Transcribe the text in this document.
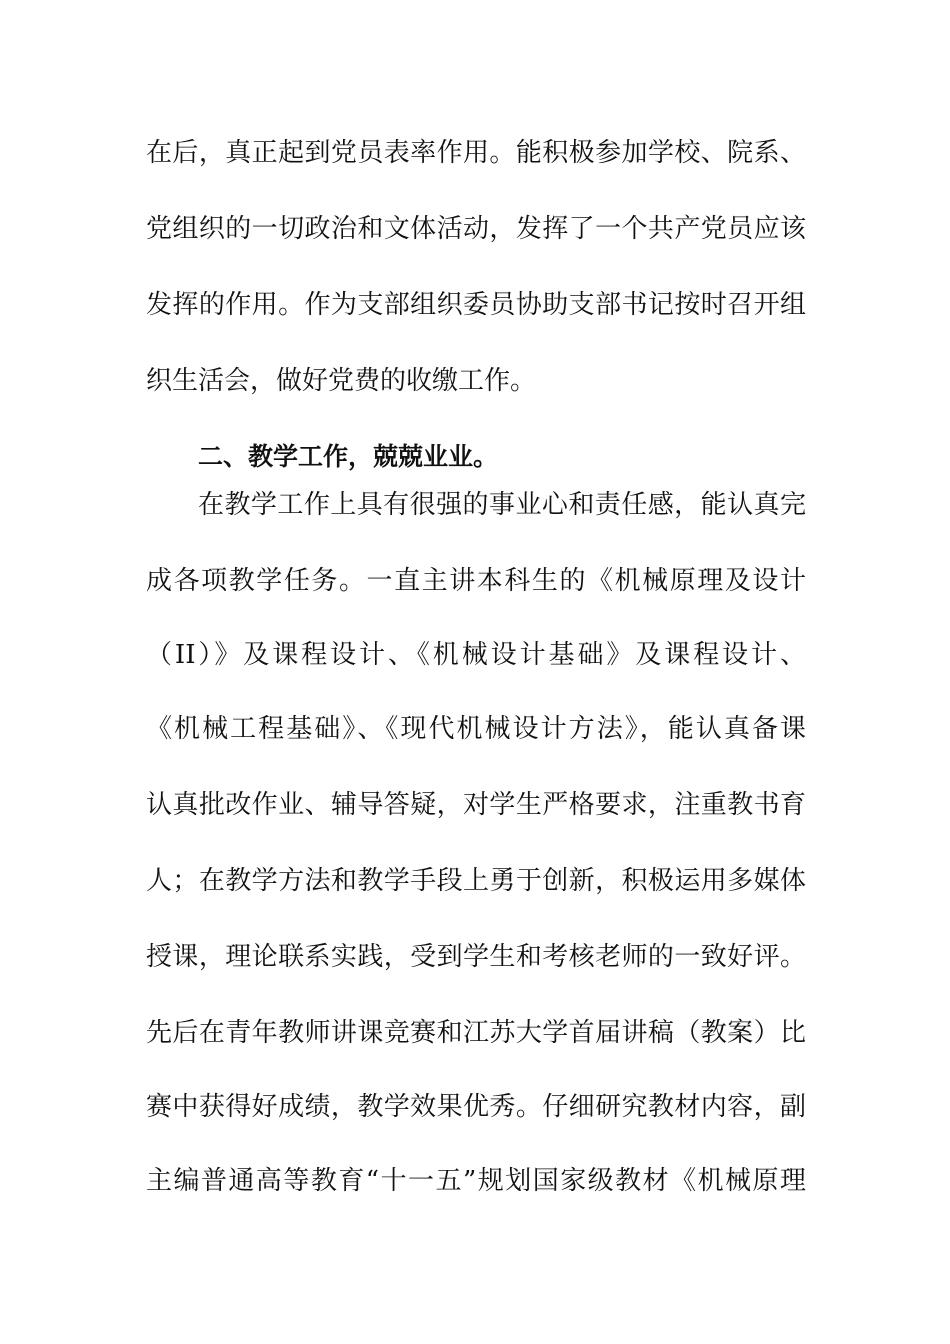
在后，真正起到党员表率作用。能积极参加学校、院系、
党组织的一切政治和文体活动，发挥了一个共产党员应该
发挥的作用。作为支部组织委员协助支部书记按时召开组
织生活会，做好党费的收缴工作。
二、教学工作，兢兢业业。
在教学工作上具有很强的事业心和责任感，能认真完
成各项教学任务。一直主讲本科生的《机械原理及设计
（II）》及课程设计、《机械设计基础》及课程设计、
《机械工程基础》、《现代机械设计方法》，能认真备课
认真批改作业、辅导答疑，对学生严格要求，注重教书育
人；在教学方法和教学手段上勇于创新，积极运用多媒体
授课，理论联系实践，受到学生和考核老师的一致好评。
先后在青年教师讲课竞赛和江苏大学首届讲稿（教案）比
赛中获得好成绩，教学效果优秀。仔细研究教材内容，副
主编普通高等教育“十一五”规划国家级教材《机械原理
